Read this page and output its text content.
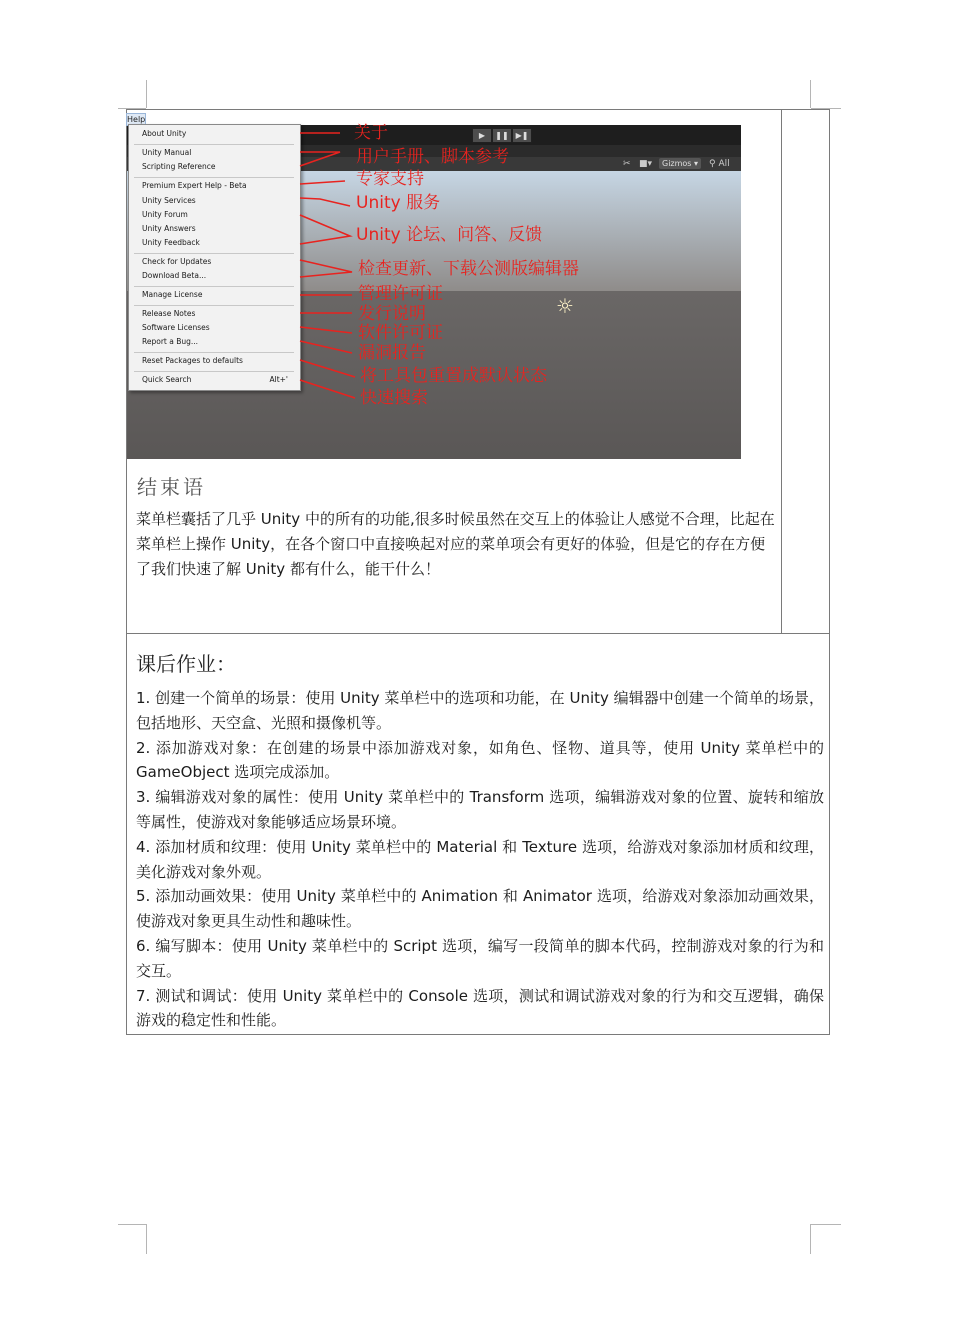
▶	❚❚ ▶❚
✂ ■▾	Gizmos ▾	⚲ All
☼
Help
About Unity
Unity Manual
Scripting Reference
Premium Expert Help - Beta
Unity Services
Unity Forum
Unity Answers
Unity Feedback
Check for Updates
Download Beta...
Manage License
Release Notes
Software Licenses
Report a Bug...
Reset Packages to defaults
Quick Search	Alt+'
关于
用户手册、脚本参考
专家支持
Unity 服务
Unity 论坛、问答、反馈
检查更新、下载公测版编辑器
管理许可证
发行说明
软件许可证
漏洞报告
将工具包重置成默认状态
快速搜索
结束语
菜单栏囊括了几乎 Unity 中的所有的功能,很多时候虽然在交互上的体验让人感觉不合理，比起在菜单栏上操作 Unity，在各个窗口中直接唤起对应的菜单项会有更好的体验，但是它的存在方便了我们快速了解 Unity 都有什么，能干什么！
课后作业：

1. 创建一个简单的场景：使用 Unity 菜单栏中的选项和功能，在 Unity 编辑器中创建一个简单的场景，包括地形、天空盒、光照和摄像机等。

2. 添加游戏对象：在创建的场景中添加游戏对象，如角色、怪物、道具等，使用 Unity 菜单栏中的 GameObject 选项完成添加。

3. 编辑游戏对象的属性：使用 Unity 菜单栏中的 Transform 选项，编辑游戏对象的位置、旋转和缩放等属性，使游戏对象能够适应场景环境。

4. 添加材质和纹理：使用 Unity 菜单栏中的 Material 和 Texture 选项，给游戏对象添加材质和纹理，美化游戏对象外观。

5. 添加动画效果：使用 Unity 菜单栏中的 Animation 和 Animator 选项，给游戏对象添加动画效果，使游戏对象更具生动性和趣味性。

6. 编写脚本：使用 Unity 菜单栏中的 Script 选项，编写一段简单的脚本代码，控制游戏对象的行为和交互。

7. 测试和调试：使用 Unity 菜单栏中的 Console 选项，测试和调试游戏对象的行为和交互逻辑，确保游戏的稳定性和性能。
